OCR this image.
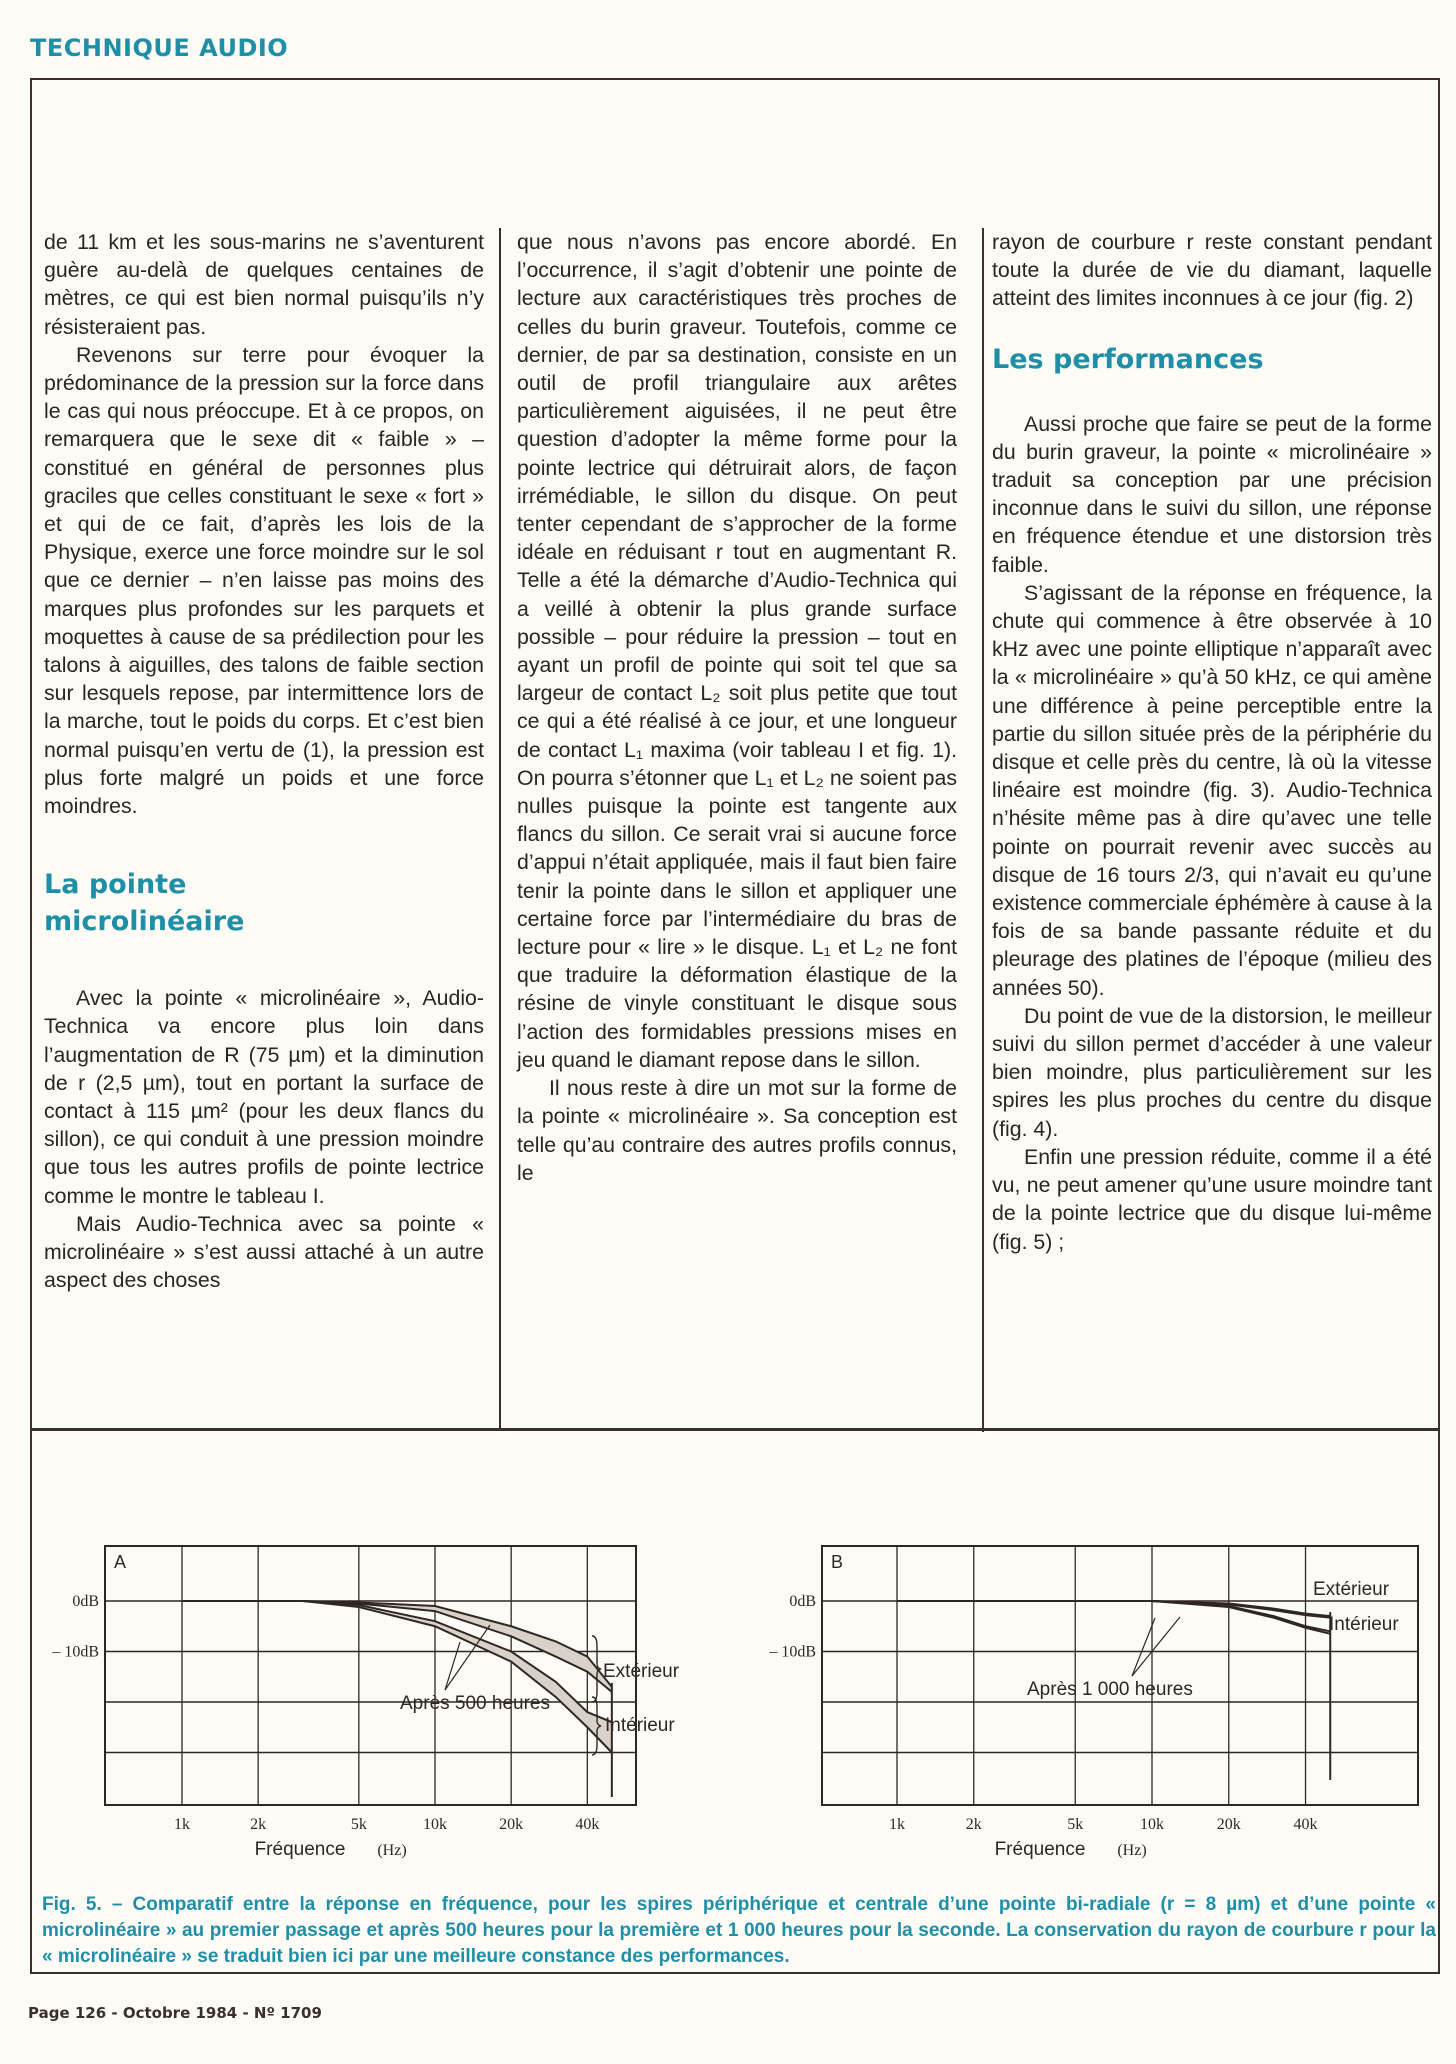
TECHNIQUE AUDIO

de 11 km et les sous-marins ne s’aventurent guère au-delà de quelques centaines de mètres, ce qui est bien normal puisqu’ils n’y résisteraient pas.

Revenons sur terre pour évoquer la prédominance de la pression sur la force dans le cas qui nous préoccupe. Et à ce propos, on remarquera que le sexe dit « faible » – constitué en général de personnes plus graciles que celles constituant le sexe « fort » et qui de ce fait, d’après les lois de la Physique, exerce une force moindre sur le sol que ce dernier – n’en laisse pas moins des marques plus profondes sur les parquets et moquettes à cause de sa prédilection pour les talons à aiguilles, des talons de faible section sur lesquels repose, par intermittence lors de la marche, tout le poids du corps. Et c’est bien normal puisqu’en vertu de (1), la pression est plus forte malgré un poids et une force moindres.

La pointe microlinéaire

Avec la pointe « microlinéaire », Audio-Technica va encore plus loin dans l’augmentation de R (75 µm) et la diminution de r (2,5 µm), tout en portant la surface de contact à 115 µm² (pour les deux flancs du sillon), ce qui conduit à une pression moindre que tous les autres profils de pointe lectrice comme le montre le tableau I.

Mais Audio-Technica avec sa pointe « microlinéaire » s’est aussi attaché à un autre aspect des choses

que nous n’avons pas encore abordé. En l’occurrence, il s’agit d’obtenir une pointe de lecture aux caractéristiques très proches de celles du burin graveur. Toutefois, comme ce dernier, de par sa destination, consiste en un outil de profil triangulaire aux arêtes particulièrement aiguisées, il ne peut être question d’adopter la même forme pour la pointe lectrice qui détruirait alors, de façon irrémédiable, le sillon du disque. On peut tenter cependant de s’approcher de la forme idéale en réduisant r tout en augmentant R. Telle a été la démarche d’Audio-Technica qui a veillé à obtenir la plus grande surface possible – pour réduire la pression – tout en ayant un profil de pointe qui soit tel que sa largeur de contact L₂ soit plus petite que tout ce qui a été réalisé à ce jour, et une longueur de contact L₁ maxima (voir tableau I et fig. 1). On pourra s’étonner que L₁ et L₂ ne soient pas nulles puisque la pointe est tangente aux flancs du sillon. Ce serait vrai si aucune force d’appui n’était appliquée, mais il faut bien faire tenir la pointe dans le sillon et appliquer une certaine force par l’intermédiaire du bras de lecture pour « lire » le disque. L₁ et L₂ ne font que traduire la déformation élastique de la résine de vinyle constituant le disque sous l’action des formidables pressions mises en jeu quand le diamant repose dans le sillon.

Il nous reste à dire un mot sur la forme de la pointe « microlinéaire ». Sa conception est telle qu’au contraire des autres profils connus, le

rayon de courbure r reste constant pendant toute la durée de vie du diamant, laquelle atteint des limites inconnues à ce jour (fig. 2)

Les performances

Aussi proche que faire se peut de la forme du burin graveur, la pointe « microlinéaire » traduit sa conception par une précision inconnue dans le suivi du sillon, une réponse en fréquence étendue et une distorsion très faible.

S’agissant de la réponse en fréquence, la chute qui commence à être observée à 10 kHz avec une pointe elliptique n’apparaît avec la « microlinéaire » qu’à 50 kHz, ce qui amène une différence à peine perceptible entre la partie du sillon située près de la périphérie du disque et celle près du centre, là où la vitesse linéaire est moindre (fig. 3). Audio-Technica n’hésite même pas à dire qu’avec une telle pointe on pourrait revenir avec succès au disque de 16 tours 2/3, qui n’avait eu qu’une existence commerciale éphémère à cause à la fois de sa bande passante réduite et du pleurage des platines de l’époque (milieu des années 50).

Du point de vue de la distorsion, le meilleur suivi du sillon permet d’accéder à une valeur bien moindre, plus particulièrement sur les spires les plus proches du centre du disque (fig. 4).

Enfin une pression réduite, comme il a été vu, ne peut amener qu’une usure moindre tant de la pointe lectrice que du disque lui-même (fig. 5) ;

1k	2k	5k	10k	20k	40k
0dB
– 10dB
A
Fréquence (Hz)
Après 500 heures
Extérieur
Intérieur
1k	2k	5k	10k	20k	40k
0dB
– 10dB
B
Fréquence (Hz)
Après 1 000 heures
Extérieur
Intérieur
Fig. 5. – Comparatif entre la réponse en fréquence, pour les spires périphérique et centrale d’une pointe bi-radiale (r = 8 µm) et d’une pointe « microlinéaire » au premier passage et après 500 heures pour la première et 1 000 heures pour la seconde. La conservation du rayon de courbure r pour la « microlinéaire » se traduit bien ici par une meilleure constance des performances.
Page 126 - Octobre 1984 - Nº 1709
